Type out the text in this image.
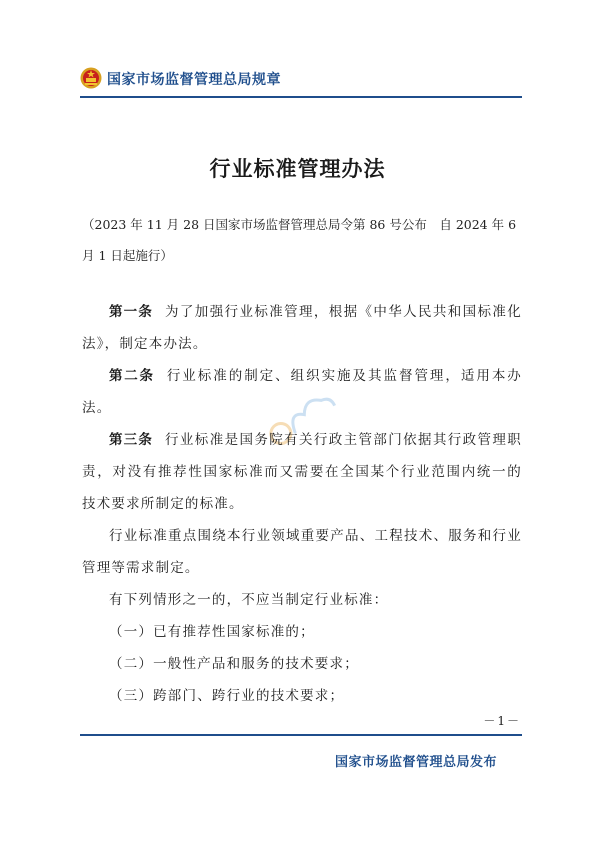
国家市场监督管理总局规章
行业标准管理办法
（2023 年 11 月 28 日国家市场监督管理总局令第 86 号公布　自 2024 年 6 月 1 日起施行）

第一条 为了加强行业标准管理，根据《中华人民共和国标准化法》，制定本办法。

第二条 行业标准的制定、组织实施及其监督管理，适用本办法。

第三条 行业标准是国务院有关行政主管部门依据其行政管理职责，对没有推荐性国家标准而又需要在全国某个行业范围内统一的技术要求所制定的标准。

行业标准重点围绕本行业领域重要产品、工程技术、服务和行业管理等需求制定。

有下列情形之一的，不应当制定行业标准：

（一）已有推荐性国家标准的；

（二）一般性产品和服务的技术要求；

（三）跨部门、跨行业的技术要求；

－1－
国家市场监督管理总局发布
